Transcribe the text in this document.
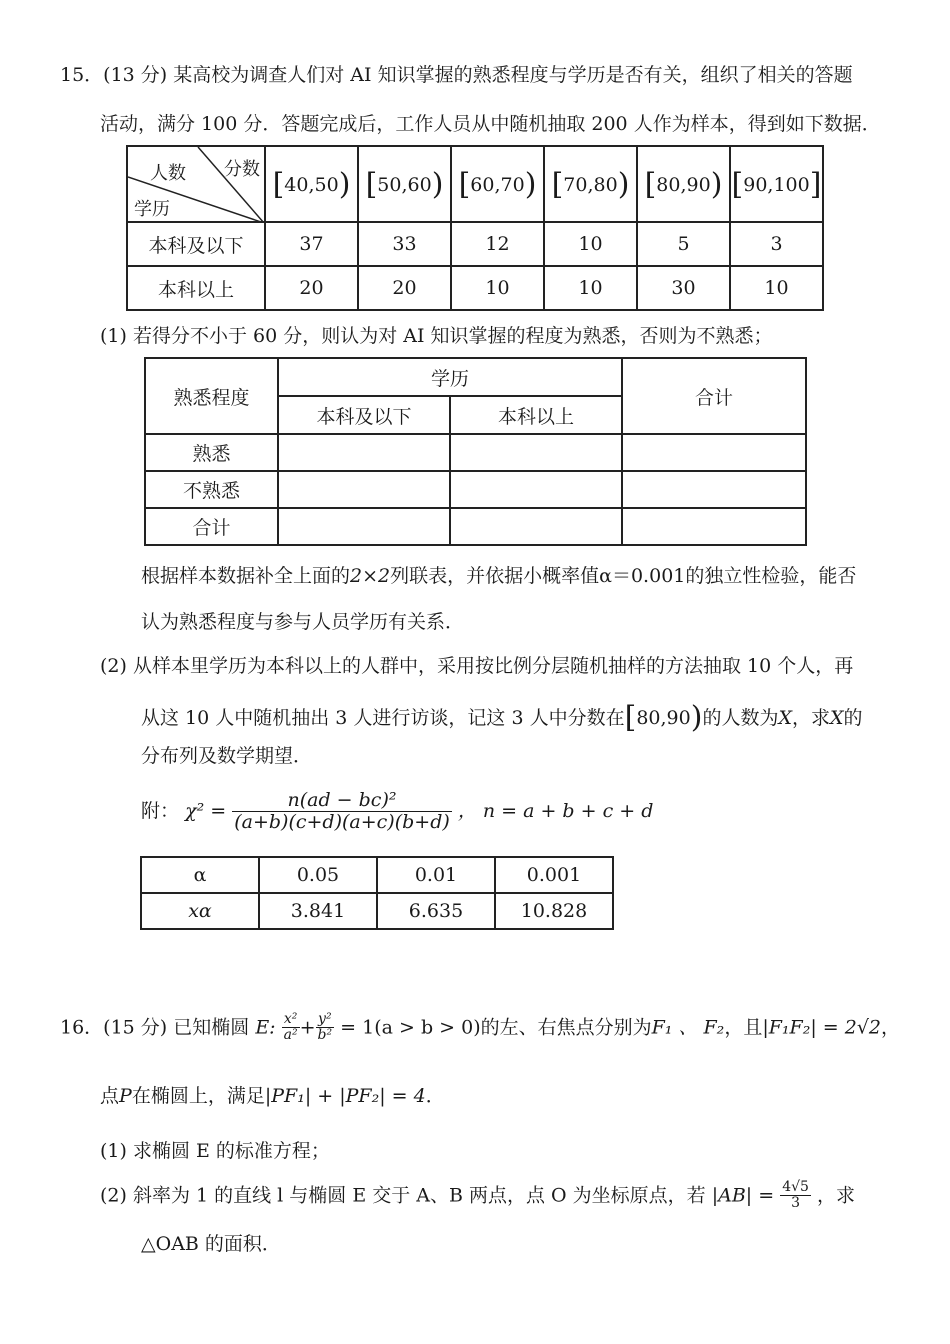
15．(13 分) 某高校为调查人们对 AI 知识掌握的熟悉程度与学历是否有关，组织了相关的答题
活动，满分 100 分．答题完成后，工作人员从中随机抽取 200 人作为样本，得到如下数据．
人数 分数
学历	[40,50)	[50,60)	[60,70)	[70,80)	[80,90)	[90,100]
本科及以下	37	33	12	10	5	3
本科以上	20	20	10	10	30	10
(1) 若得分不小于 60 分，则认为对 AI 知识掌握的程度为熟悉，否则为不熟悉；
熟悉程度	学历		合计
	本科及以下	本科以上	
熟悉			
不熟悉			
合计			
根据样本数据补全上面的2×2列联表，并依据小概率值α＝0.001的独立性检验，能否
认为熟悉程度与参与人员学历有关系．
(2) 从样本里学历为本科以上的人群中，采用按比例分层随机抽样的方法抽取 10 个人，再
从这 10 人中随机抽出 3 人进行访谈，记这 3 人中分数在[80,90)的人数为X，求X的
分布列及数学期望．
附： $\chi^2 = \frac{\text{n(ad − bc)²}}{(a+b)(c+d)(a+c)(b+d)}$ ， n = a + b + c + d
α	0.05	0.01	0.001
xα	3.841	6.635	10.828
16．(15 分) 已知椭圆 E: $\frac{\text{x²}}{\text{a²}} + \frac{\text{y²}}{\text{b²}} = 1(a > b > 0)$的左、右焦点分别为F₁ 、 F₂，且|F₁F₂| = 2√2，
点P在椭圆上，满足|PF₁| + |PF₂| = 4．
(1) 求椭圆 E 的标准方程；
(2) 斜率为 1 的直线 l 与椭圆 E 交于 A、B 两点，点 O 为坐标原点，若 $|AB| = \frac{4√5}{3}$ ，求
△OAB 的面积．
